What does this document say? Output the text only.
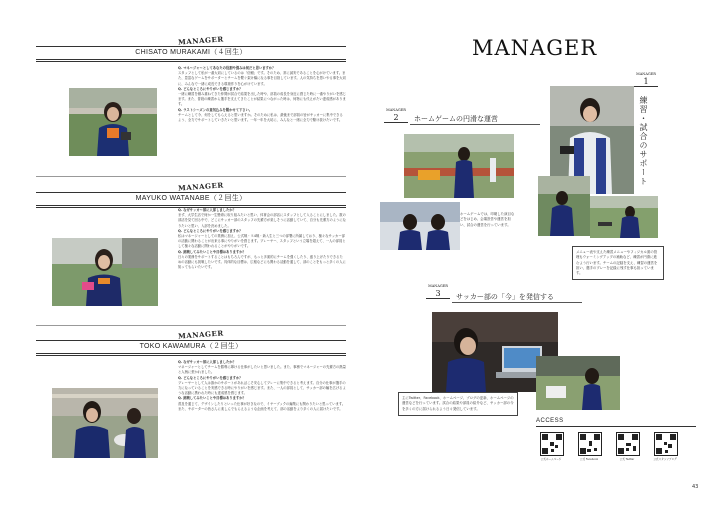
MANAGER
CHISATO MURAKAMI（４回生）
Q. マネージャーとしてあなたの役割や強みは何だと思いますか？
スタッフとして私が一番大切にしているのは「信頼」です。そのため、常に誠実であることを心がけています。また、豊富なゲームをサポーターとチームを繋ぐ架け橋になる事を目指しています。人の気持ちを思いやる事を大切に、みんなで一緒に成長できる環境作りを心がけています。
Q. どんなところにやりがいを感じますか？
一緒に練習を積み重ねてきた仲間が試合で結果を出した時や、部員の成長を身近に感じた時に一番やりがいを感じます。また、普段の練習から選手を支えてきたことが結果につながった時は、何物にも代えがたい達成感があります。
Q. ラストシーズンの意気込みを聞かせて下さい。
チームとして今、何をしてもらえると思いますか。そのために私は、最後まで部員の皆がサッカーに集中できるよう、全力でサポートしていきたいと思います。一年一年を大切に、みんなと一緒に全力で駆け抜けたいです。
MANAGER
MAYUKO WATANABE（２回生）
Q. なぜサッカー部に入部しましたか？
まず、大学生活で何か一生懸命に取り組みたいと思い、体育会の部活にスタッフとして入ることにしました。数の部活を見て回る中で、どこにサッカー部のスタッフの先輩方が楽しそうに活動していて、自分も先輩方のようになりたいと思い、入部を決めました。
Q. どんなところにやりがいを感じますか？
私はマネージャーとしての業務に加え、公式戦・Ｓ4戦・新入生と三つの部署に所属しており、様々なサッカー部の活動に関わることが出来る事にやりがいを感じます。プレーヤー、スタッフという立場を超えて、一人の部員として様々な活動に関われることがやりがいです。
Q. 挑戦してみたいことや目標はありますか？
日々の業務をサポートすることはもちろんですが、もっと多面的にチームを強くしたり、盛り上げたりできるための活動にも挑戦したいです。具体的な目標は、広報などにも関わる活動を通して、部のことをもっと多くの人に知ってもらいたいです。
MANAGER
TOKO KAWAMURA（２回生）
Q. なぜサッカー部に入部しましたか？
マネージャーとしてチームを勝利に導ける仕事がしたいと思いました。また、事務でマネージャーの先輩方の熱量と人柄に惹かれました。
Q. どんなところにやりがいを感じますか？
プレーヤーとして人は誰かのサポートがあればこそ安心してプレーに集中できると考えます。自分の仕事が選手の力になっていることを実感できる時にやりがいを感じます。また、一人の部員として、サッカー部の輪を広げるような活動に携われた時にも達成感を感じます。
Q. 挑戦してみたいことや目標はありますか？
普及を通じて、デザインしたりといった仕事が好きなので、イヤーブックの編集にも関わりたいと思っています。また、サポーターの皆さんに楽しんでもらえるような企画を考えて、部の活動をより多くの人に届けたいです。
MANAGER
MANAGER
1
練習・試合のサポート
メニュー表や支えた練習メニューやフィジカル面の管理もウォーミングアップの補助など、練習が円滑に進むよう行います。チームの記録を支え、練習の運営を担い、選手のプレーを記録に残す仕事も担っています。
MANAGER
2	ホームゲームの円滑な運営
ホームゲームでは、印刷した演目などをはじめ、会場設営や運営を担い、試合の運営を行っています。
MANAGER
3	サッカー部の「今」を発信する
主にTwitter、Facebook、ホームページ、ブログの更新、ホームページの運営などを行っています。試合の結果や部員の紹介など、サッカー部の今を多くの方に届けられるよう日々発信しています。
ACCESS
公式ホームページ	公式 Facebook	公式 Twitter	公式スタッフブログ
43
